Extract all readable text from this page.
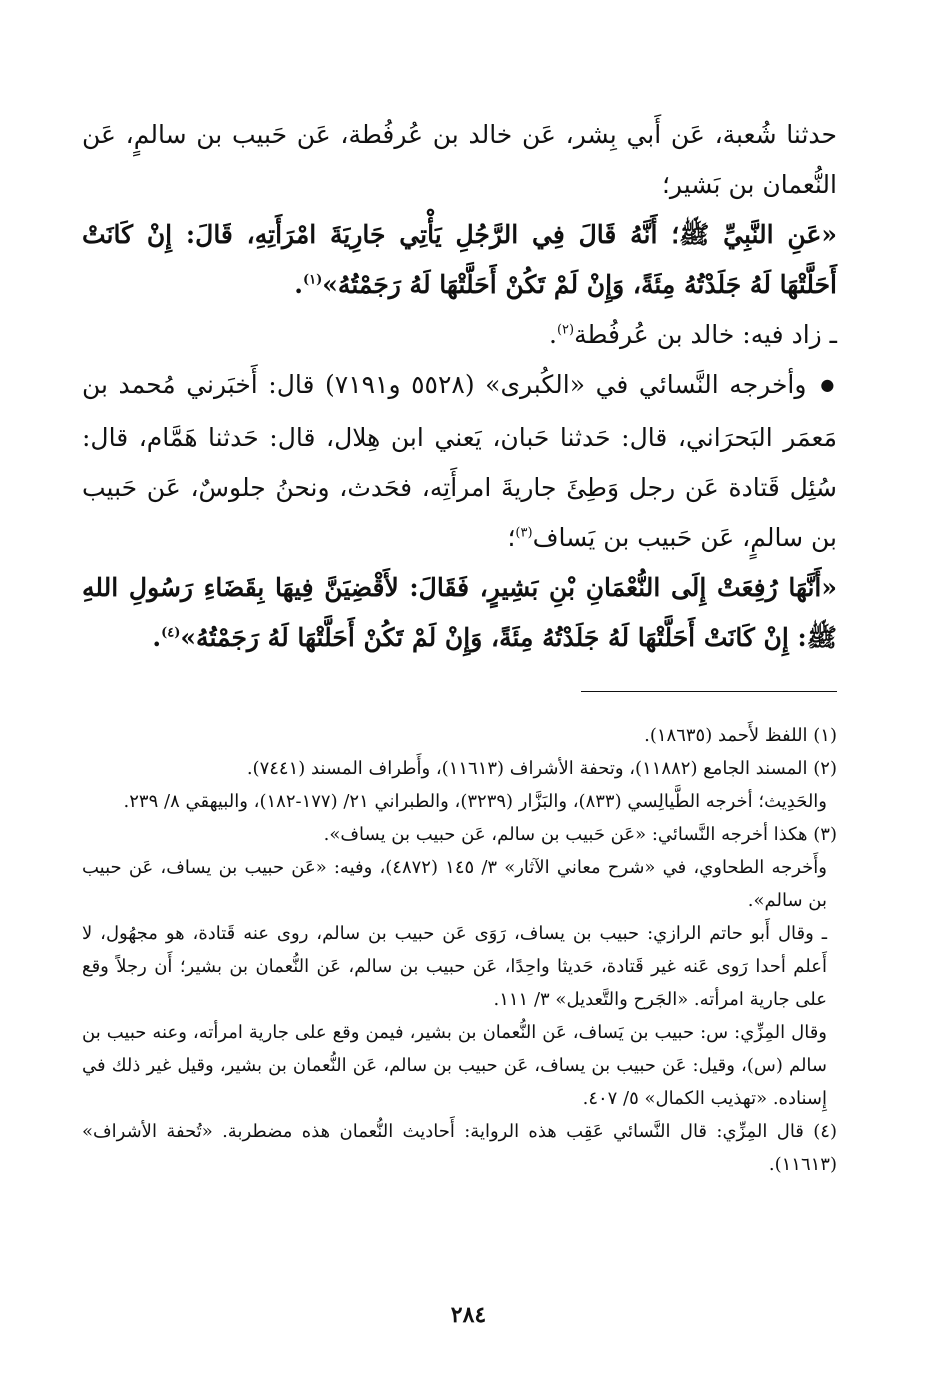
حدثنا شُعبة، عَن أَبي بِشر، عَن خالد بن عُرفُطة، عَن حَبيب بن سالمٍ، عَن النُّعمان بن بَشير؛

«عَنِ النَّبِيِّ ﷺ؛ أَنَّهُ قَالَ فِي الرَّجُلِ يَأْتِي جَارِيَةَ امْرَأَتِهِ، قَالَ: إِنْ كَانَتْ أَحَلَّتْهَا لَهُ جَلَدْتُهُ مِئَةً، وَإِنْ لَمْ تَكُنْ أَحَلَّتْهَا لَهُ رَجَمْتُهُ»$^{(١)}$.

ـ زاد فيه: خالد بن عُرفُطة$^{(٢)}$.

● وأخرجه النَّسائي في «الكُبرى» (٥٥٢٨ و٧١٩١) قال: أَخبَرني مُحمد بن مَعمَر البَحرَاني، قال: حَدثنا حَبان، يَعني ابن هِلال، قال: حَدثنا هَمَّام، قال: سُئِل قَتادة عَن رجل وَطِئَ جاريةَ امرأَتِه، فحَدث، ونحنُ جلوسٌ، عَن حَبيب بن سالمٍ، عَن حَبيب بن يَساف$^{(٣)}$؛

«أَنَّهَا رُفِعَتْ إِلَى النُّعْمَانِ بْنِ بَشِيرٍ، فَقَالَ: لأَقْضِيَنَّ فِيهَا بِقَضَاءِ رَسُولِ اللهِ ﷺ: إِنْ كَانَتْ أَحَلَّتْهَا لَهُ جَلَدْتُهُ مِئَةً، وَإِنْ لَمْ تَكُنْ أَحَلَّتْهَا لَهُ رَجَمْتُهُ»$^{(٤)}$.

(١) اللفظ لأَحمد (١٨٦٣٥).

(٢) المسند الجامع (١١٨٨٢)، وتحفة الأشراف (١١٦١٣)، وأَطراف المسند (٧٤٤١).

والحَدِيث؛ أخرجه الطَّيالِسي (٨٣٣)، والبَزَّار (٣٢٣٩)، والطبراني ٢١/ (١٧٧-١٨٢)، والبيهقي ٨/ ٢٣٩.

(٣) هكذا أخرجه النَّسائي: «عَن حَبيب بن سالم، عَن حبيب بن يساف».

وأَخرجه الطحاوي، في «شرح معاني الآثار» ٣/ ١٤٥ (٤٨٧٢)، وفيه: «عَن حبيب بن يساف، عَن حبيب بن سالم».

ـ وقال أَبو حاتم الرازي: حبيب بن يساف، رَوَى عَن حبيب بن سالم، روى عنه قَتادة، هو مجهُول، لا أَعلم أحدا رَوى عَنه غير قَتادة، حَديثا واحِدًا، عَن حبيب بن سالم، عَن النُّعمان بن بشير؛ أَن رجلاً وقع على جارية امرأته. «الجَرح والتَّعديل» ٣/ ١١١.

وقال المِزِّي: س: حبيب بن يَساف، عَن النُّعمان بن بشير، فيمن وقع على جارية امرأته، وعنه حبيب بن سالم (س)، وقيل: عَن حبيب بن يساف، عَن حبيب بن سالم، عَن النُّعمان بن بشير، وقيل غير ذلك في إِسناده. «تهذيب الكمال» ٥/ ٤٠٧.

(٤) قال المِزِّي: قال النَّسائي عَقِب هذه الرواية: أَحاديث النُّعمان هذه مضطربة. «تُحفة الأشراف» (١١٦١٣).

٢٨٤
